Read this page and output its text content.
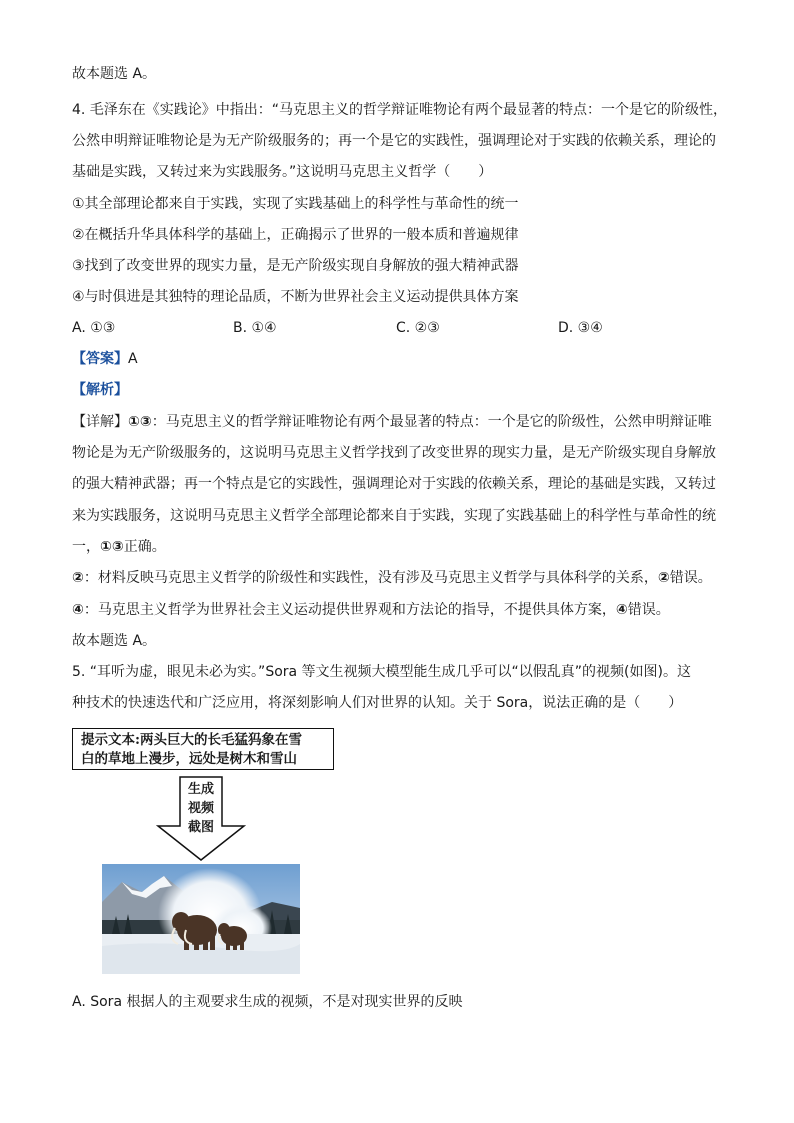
故本题选 A。
4. 毛泽东在《实践论》中指出：“马克思主义的哲学辩证唯物论有两个最显著的特点：一个是它的阶级性，
公然申明辩证唯物论是为无产阶级服务的；再一个是它的实践性，强调理论对于实践的依赖关系，理论的
基础是实践，又转过来为实践服务。”这说明马克思主义哲学（　　）
①其全部理论都来自于实践，实现了实践基础上的科学性与革命性的统一
②在概括升华具体科学的基础上，正确揭示了世界的一般本质和普遍规律
③找到了改变世界的现实力量，是无产阶级实现自身解放的强大精神武器
④与时俱进是其独特的理论品质，不断为世界社会主义运动提供具体方案
A. ①③	B. ①④	C. ②③	D. ③④
【答案】A
【解析】
【详解】①③：马克思主义的哲学辩证唯物论有两个最显著的特点：一个是它的阶级性，公然申明辩证唯
物论是为无产阶级服务的，这说明马克思主义哲学找到了改变世界的现实力量，是无产阶级实现自身解放
的强大精神武器；再一个特点是它的实践性，强调理论对于实践的依赖关系，理论的基础是实践，又转过
来为实践服务，这说明马克思主义哲学全部理论都来自于实践，实现了实践基础上的科学性与革命性的统
一，①③正确。
②：材料反映马克思主义哲学的阶级性和实践性，没有涉及马克思主义哲学与具体科学的关系，②错误。
④：马克思主义哲学为世界社会主义运动提供世界观和方法论的指导，不提供具体方案，④错误。
故本题选 A。
5. “耳听为虚，眼见未必为实。”Sora 等文生视频大模型能生成几乎可以“以假乱真”的视频(如图)。这
种技术的快速迭代和广泛应用，将深刻影响人们对世界的认知。关于 Sora，说法正确的是（　　）
提示文本:两头巨大的长毛猛犸象在雪
白的草地上漫步，远处是树木和雪山
生成
视频
截图
A. Sora 根据人的主观要求生成的视频，不是对现实世界的反映
